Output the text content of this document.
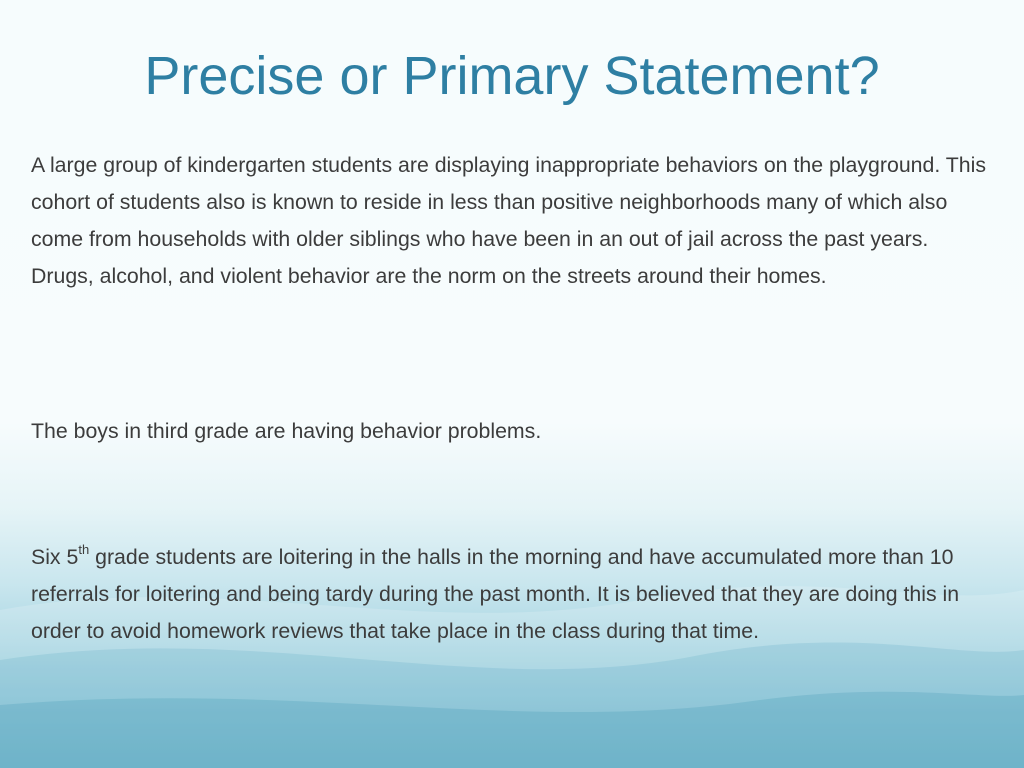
Precise or Primary Statement?

A large group of kindergarten students are displaying inappropriate behaviors on the playground. This cohort of students also is known to reside in less than positive neighborhoods many of which also come from households with older siblings who have been in an out of jail across the past years. Drugs, alcohol, and violent behavior are the norm on the streets around their homes.

The boys in third grade are having behavior problems.

Six 5th grade students are loitering in the halls in the morning and have accumulated more than 10 referrals for loitering and being tardy during the past month. It is believed that they are doing this in order to avoid homework reviews that take place in the class during that time.
